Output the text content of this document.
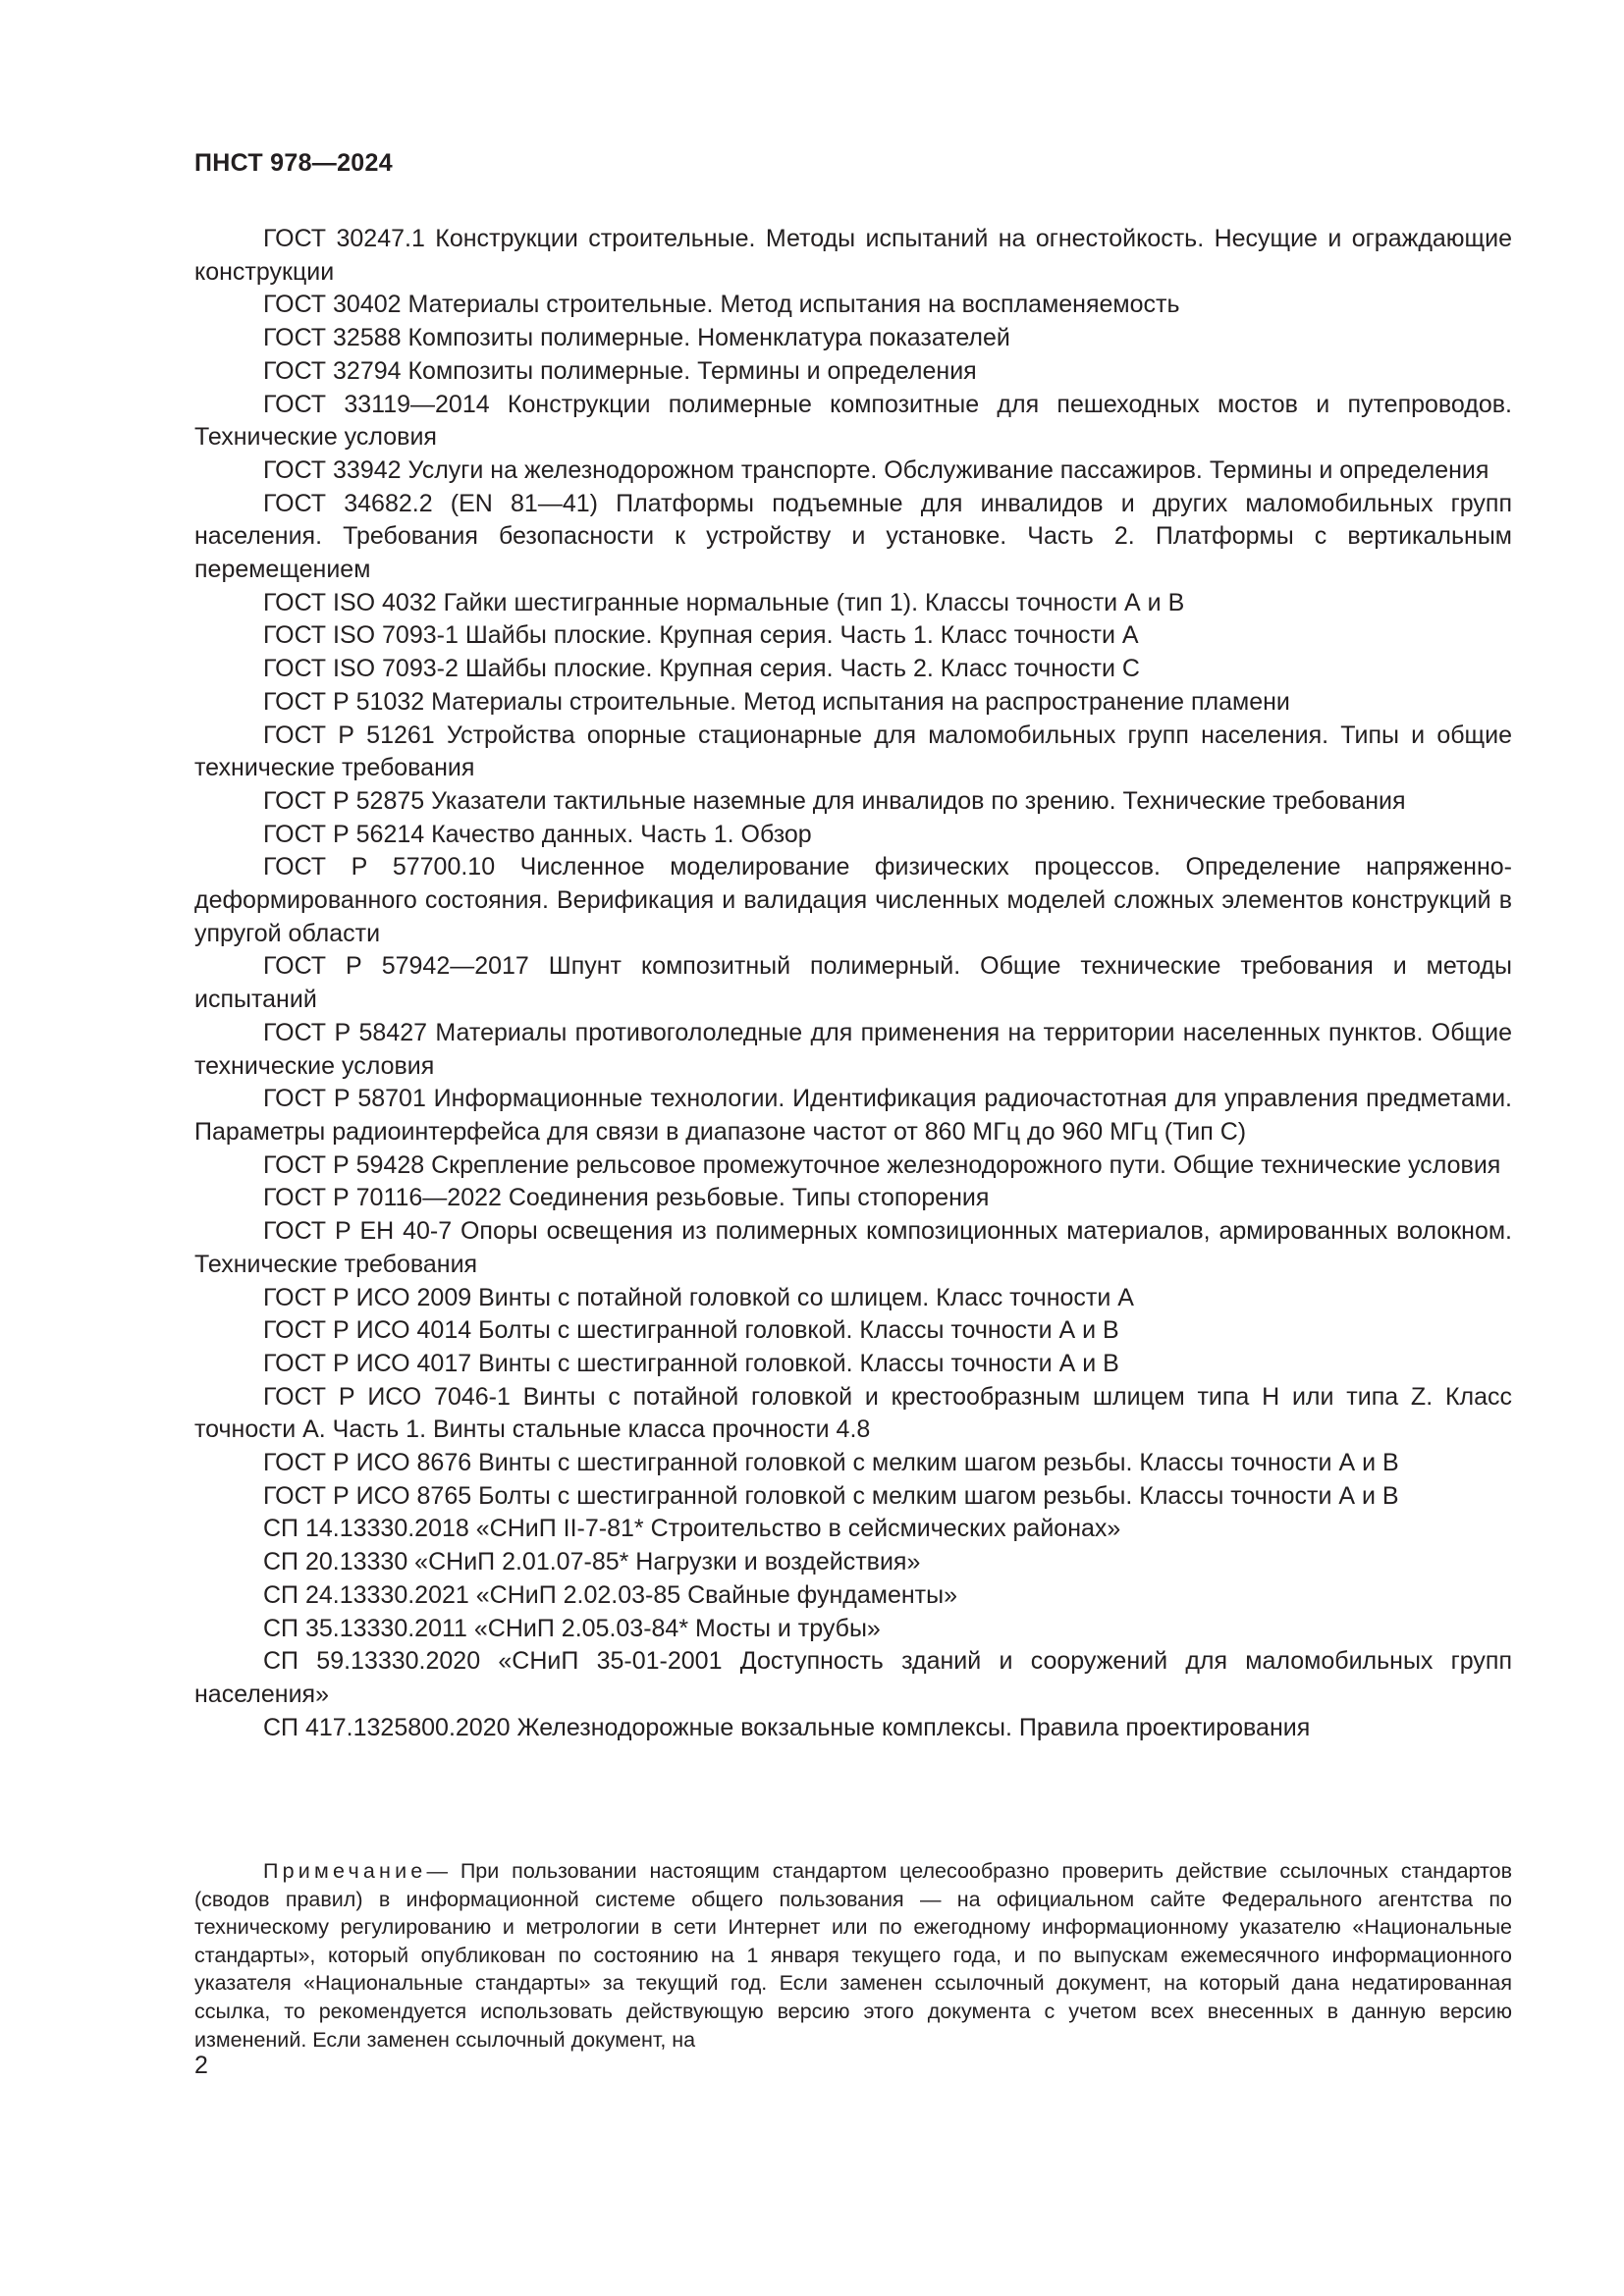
ПНСТ 978—2024

ГОСТ 30247.1 Конструкции строительные. Методы испытаний на огнестойкость. Несущие и ограждающие конструкции

ГОСТ 30402 Материалы строительные. Метод испытания на воспламеняемость

ГОСТ 32588 Композиты полимерные. Номенклатура показателей

ГОСТ 32794 Композиты полимерные. Термины и определения

ГОСТ 33119—2014 Конструкции полимерные композитные для пешеходных мостов и путепроводов. Технические условия

ГОСТ 33942 Услуги на железнодорожном транспорте. Обслуживание пассажиров. Термины и определения

ГОСТ 34682.2 (EN 81—41) Платформы подъемные для инвалидов и других маломобильных групп населения. Требования безопасности к устройству и установке. Часть 2. Платформы с вертикальным перемещением

ГОСТ ISO 4032 Гайки шестигранные нормальные (тип 1). Классы точности А и В

ГОСТ ISO 7093-1 Шайбы плоские. Крупная серия. Часть 1. Класс точности А

ГОСТ ISO 7093-2 Шайбы плоские. Крупная серия. Часть 2. Класс точности С

ГОСТ Р 51032 Материалы строительные. Метод испытания на распространение пламени

ГОСТ Р 51261 Устройства опорные стационарные для маломобильных групп населения. Типы и общие технические требования

ГОСТ Р 52875 Указатели тактильные наземные для инвалидов по зрению. Технические требования

ГОСТ Р 56214 Качество данных. Часть 1. Обзор

ГОСТ Р 57700.10 Численное моделирование физических процессов. Определение напряженно-деформированного состояния. Верификация и валидация численных моделей сложных элементов конструкций в упругой области

ГОСТ Р 57942—2017 Шпунт композитный полимерный. Общие технические требования и методы испытаний

ГОСТ Р 58427 Материалы противогололедные для применения на территории населенных пунктов. Общие технические условия

ГОСТ Р 58701 Информационные технологии. Идентификация радиочастотная для управления предметами. Параметры радиоинтерфейса для связи в диапазоне частот от 860 МГц до 960 МГц (Тип С)

ГОСТ Р 59428 Скрепление рельсовое промежуточное железнодорожного пути. Общие технические условия

ГОСТ Р 70116—2022 Соединения резьбовые. Типы стопорения

ГОСТ Р ЕН 40-7 Опоры освещения из полимерных композиционных материалов, армированных волокном. Технические требования

ГОСТ Р ИСО 2009 Винты с потайной головкой со шлицем. Класс точности А

ГОСТ Р ИСО 4014 Болты с шестигранной головкой. Классы точности А и В

ГОСТ Р ИСО 4017 Винты с шестигранной головкой. Классы точности А и В

ГОСТ Р ИСО 7046-1 Винты с потайной головкой и крестообразным шлицем типа Н или типа Z. Класс точности А. Часть 1. Винты стальные класса прочности 4.8

ГОСТ Р ИСО 8676 Винты с шестигранной головкой с мелким шагом резьбы. Классы точности А и В

ГОСТ Р ИСО 8765 Болты с шестигранной головкой с мелким шагом резьбы. Классы точности А и В

СП 14.13330.2018 «СНиП II-7-81* Строительство в сейсмических районах»

СП 20.13330 «СНиП 2.01.07-85* Нагрузки и воздействия»

СП 24.13330.2021 «СНиП 2.02.03-85 Свайные фундаменты»

СП 35.13330.2011 «СНиП 2.05.03-84* Мосты и трубы»

СП 59.13330.2020 «СНиП 35-01-2001 Доступность зданий и сооружений для маломобильных групп населения»

СП 417.1325800.2020 Железнодорожные вокзальные комплексы. Правила проектирования

Примечание— При пользовании настоящим стандартом целесообразно проверить действие ссылочных стандартов (сводов правил) в информационной системе общего пользования — на официальном сайте Федерального агентства по техническому регулированию и метрологии в сети Интернет или по ежегодному информационному указателю «Национальные стандарты», который опубликован по состоянию на 1 января текущего года, и по выпускам ежемесячного информационного указателя «Национальные стандарты» за текущий год. Если заменен ссылочный документ, на который дана недатированная ссылка, то рекомендуется использовать действующую версию этого документа с учетом всех внесенных в данную версию изменений. Если заменен ссылочный документ, на

2
